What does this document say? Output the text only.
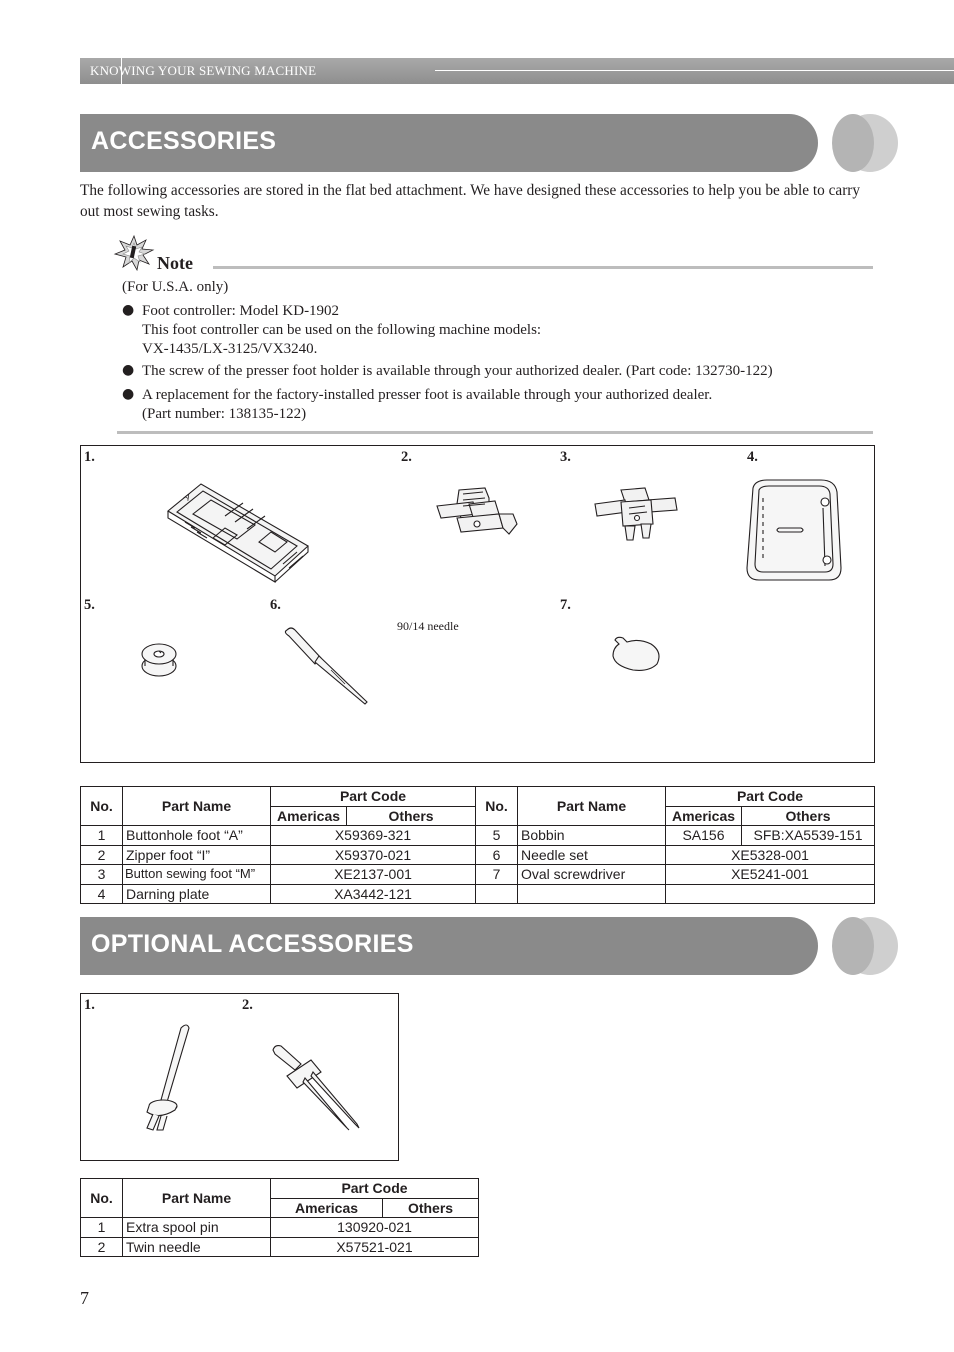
KNOWING YOUR SEWING MACHINE
ACCESSORIES
The following accessories are stored in the flat bed attachment. We have designed these accessories to help you be able to carry out most sewing tasks.
Note
(For U.S.A. only)
● Foot controller: Model KD-1902
This foot controller can be used on the following machine models:
VX-1435/LX-3125/VX3240.
● The screw of the presser foot holder is available through your authorized dealer. (Part code: 132730-122)
● A replacement for the factory-installed presser foot is available through your authorized dealer.
(Part number: 138135-122)
1.	2.	3.	4.
5.	6.	7.
90/14 needle
A
No.	Part Name	Part Code		No.	Part Name	Part Code	
		Americas	Others			Americas	Others
1	Buttonhole foot “A”	X59369-321		5	Bobbin	SA156	SFB:XA5539-151
2	Zipper foot “I”	X59370-021		6	Needle set	XE5328-001	
3	Button sewing foot “M”	XE2137-001		7	Oval screwdriver	XE5241-001	
4	Darning plate	XA3442-121					
OPTIONAL ACCESSORIES
1.	2.
No.	Part Name	Part Code	
		Americas	Others
1	Extra spool pin	130920-021	
2	Twin needle	X57521-021	
7
